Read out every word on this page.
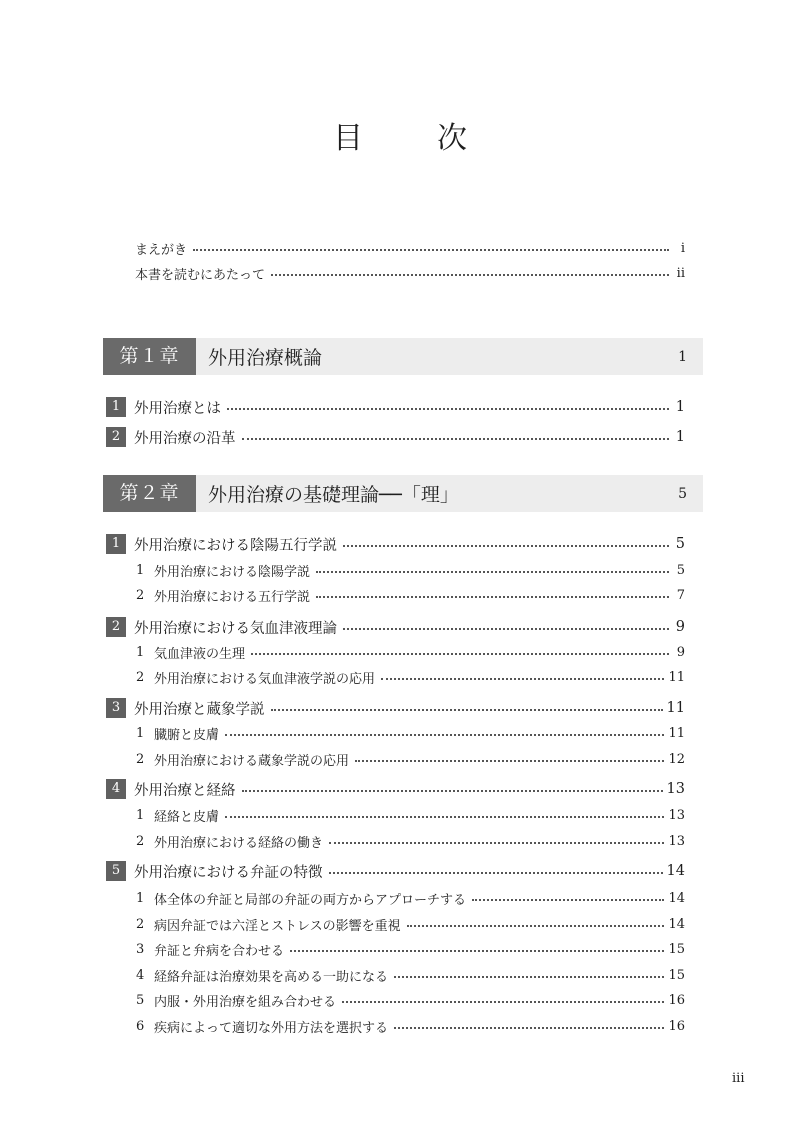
目　次
まえがき	i
本書を読むにあたって	ii
第１章	外用治療概論	1
1 外用治療とは	1
2 外用治療の沿革	1
第２章	外用治療の基礎理論──「理」	5
1 外用治療における陰陽五行学説	5
1 外用治療における陰陽学説	5
2 外用治療における五行学説	7
2 外用治療における気血津液理論	9
1 気血津液の生理	9
2 外用治療における気血津液学説の応用	11
3 外用治療と蔵象学説	11
1 臓腑と皮膚	11
2 外用治療における蔵象学説の応用	12
4 外用治療と経絡	13
1 経絡と皮膚	13
2 外用治療における経絡の働き	13
5 外用治療における弁証の特徴	14
1 体全体の弁証と局部の弁証の両方からアプローチする	14
2 病因弁証では六淫とストレスの影響を重視	14
3 弁証と弁病を合わせる	15
4 経絡弁証は治療効果を高める一助になる	15
5 内服・外用治療を組み合わせる	16
6 疾病によって適切な外用方法を選択する	16
iii
